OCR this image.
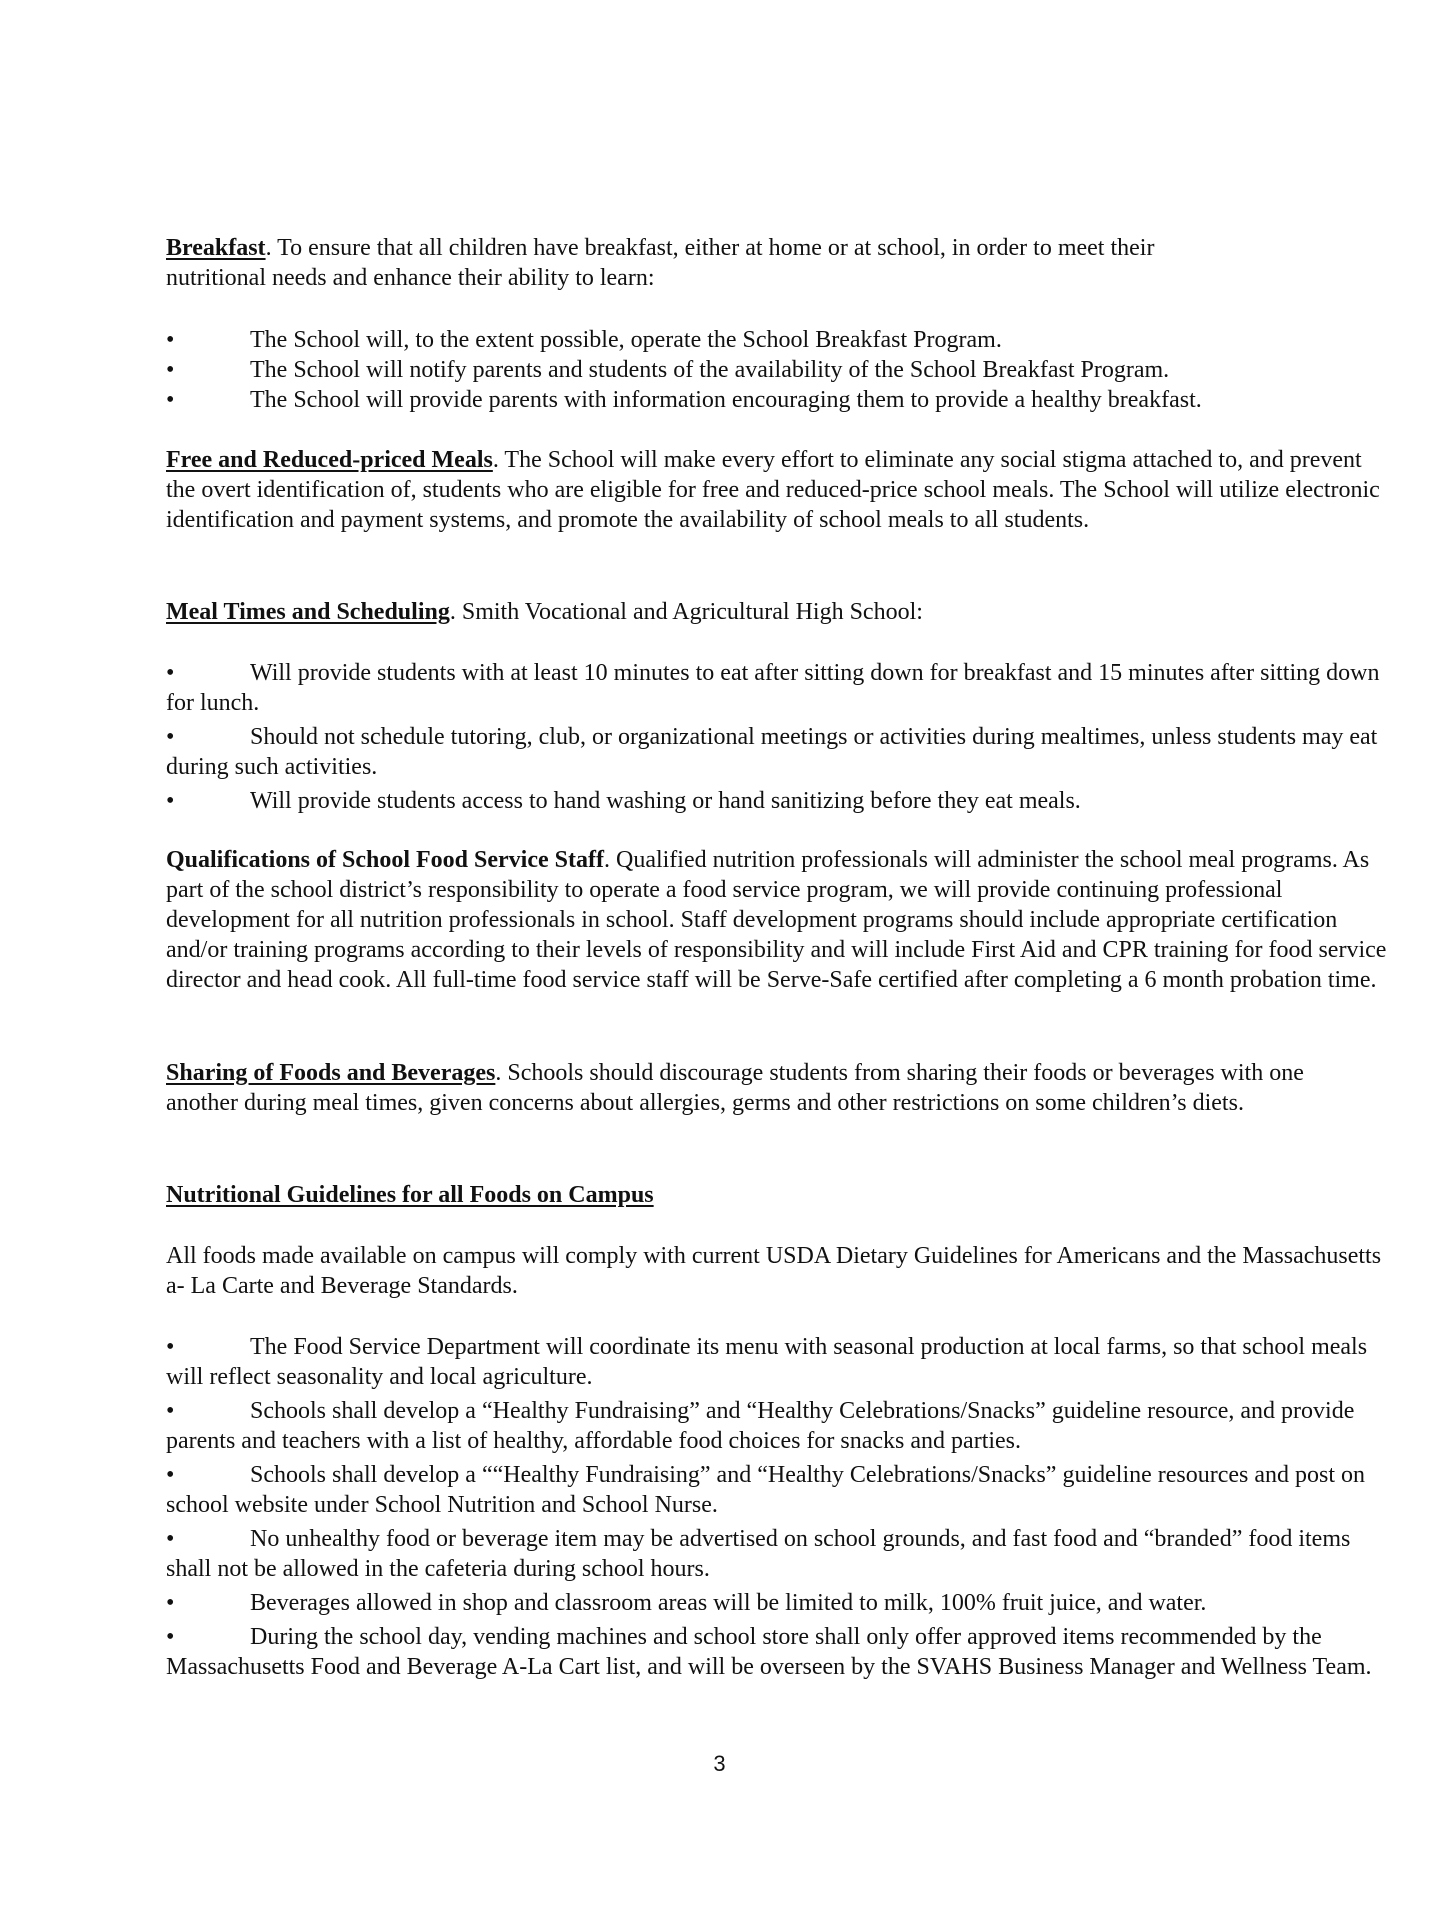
Breakfast. To ensure that all children have breakfast, either at home or at school, in order to meet their nutritional needs and enhance their ability to learn:

•	The School will, to the extent possible, operate the School Breakfast Program.
•	The School will notify parents and students of the availability of the School Breakfast Program.
•	The School will provide parents with information encouraging them to provide a healthy breakfast.

Free and Reduced-priced Meals. The School will make every effort to eliminate any social stigma attached to, and prevent the overt identification of, students who are eligible for free and reduced-price school meals. The School will utilize electronic identification and payment systems, and promote the availability of school meals to all students.

Meal Times and Scheduling. Smith Vocational and Agricultural High School:

•	Will provide students with at least 10 minutes to eat after sitting down for breakfast and 15 minutes after sitting down for lunch.
•	Should not schedule tutoring, club, or organizational meetings or activities during mealtimes, unless students may eat during such activities.
•	Will provide students access to hand washing or hand sanitizing before they eat meals.

Qualifications of School Food Service Staff. Qualified nutrition professionals will administer the school meal programs. As part of the school district’s responsibility to operate a food service program, we will provide continuing professional development for all nutrition professionals in school. Staff development programs should include appropriate certification and/or training programs according to their levels of responsibility and will include First Aid and CPR training for food service director and head cook. All full-time food service staff will be Serve-Safe certified after completing a 6 month probation time.

Sharing of Foods and Beverages. Schools should discourage students from sharing their foods or beverages with one another during meal times, given concerns about allergies, germs and other restrictions on some children’s diets.

Nutritional Guidelines for all Foods on Campus

All foods made available on campus will comply with current USDA Dietary Guidelines for Americans and the Massachusetts a- La Carte and Beverage Standards.

•	The Food Service Department will coordinate its menu with seasonal production at local farms, so that school meals will reflect seasonality and local agriculture.
•	Schools shall develop a “Healthy Fundraising” and “Healthy Celebrations/Snacks” guideline resource, and provide parents and teachers with a list of healthy, affordable food choices for snacks and parties.
•	Schools shall develop a ““Healthy Fundraising” and “Healthy Celebrations/Snacks” guideline resources and post on school website under School Nutrition and School Nurse.
•	No unhealthy food or beverage item may be advertised on school grounds, and fast food and “branded” food items shall not be allowed in the cafeteria during school hours.
•	Beverages allowed in shop and classroom areas will be limited to milk, 100% fruit juice, and water.
•	During the school day, vending machines and school store shall only offer approved items recommended by the Massachusetts Food and Beverage A-La Cart list, and will be overseen by the SVAHS Business Manager and Wellness Team.
3
